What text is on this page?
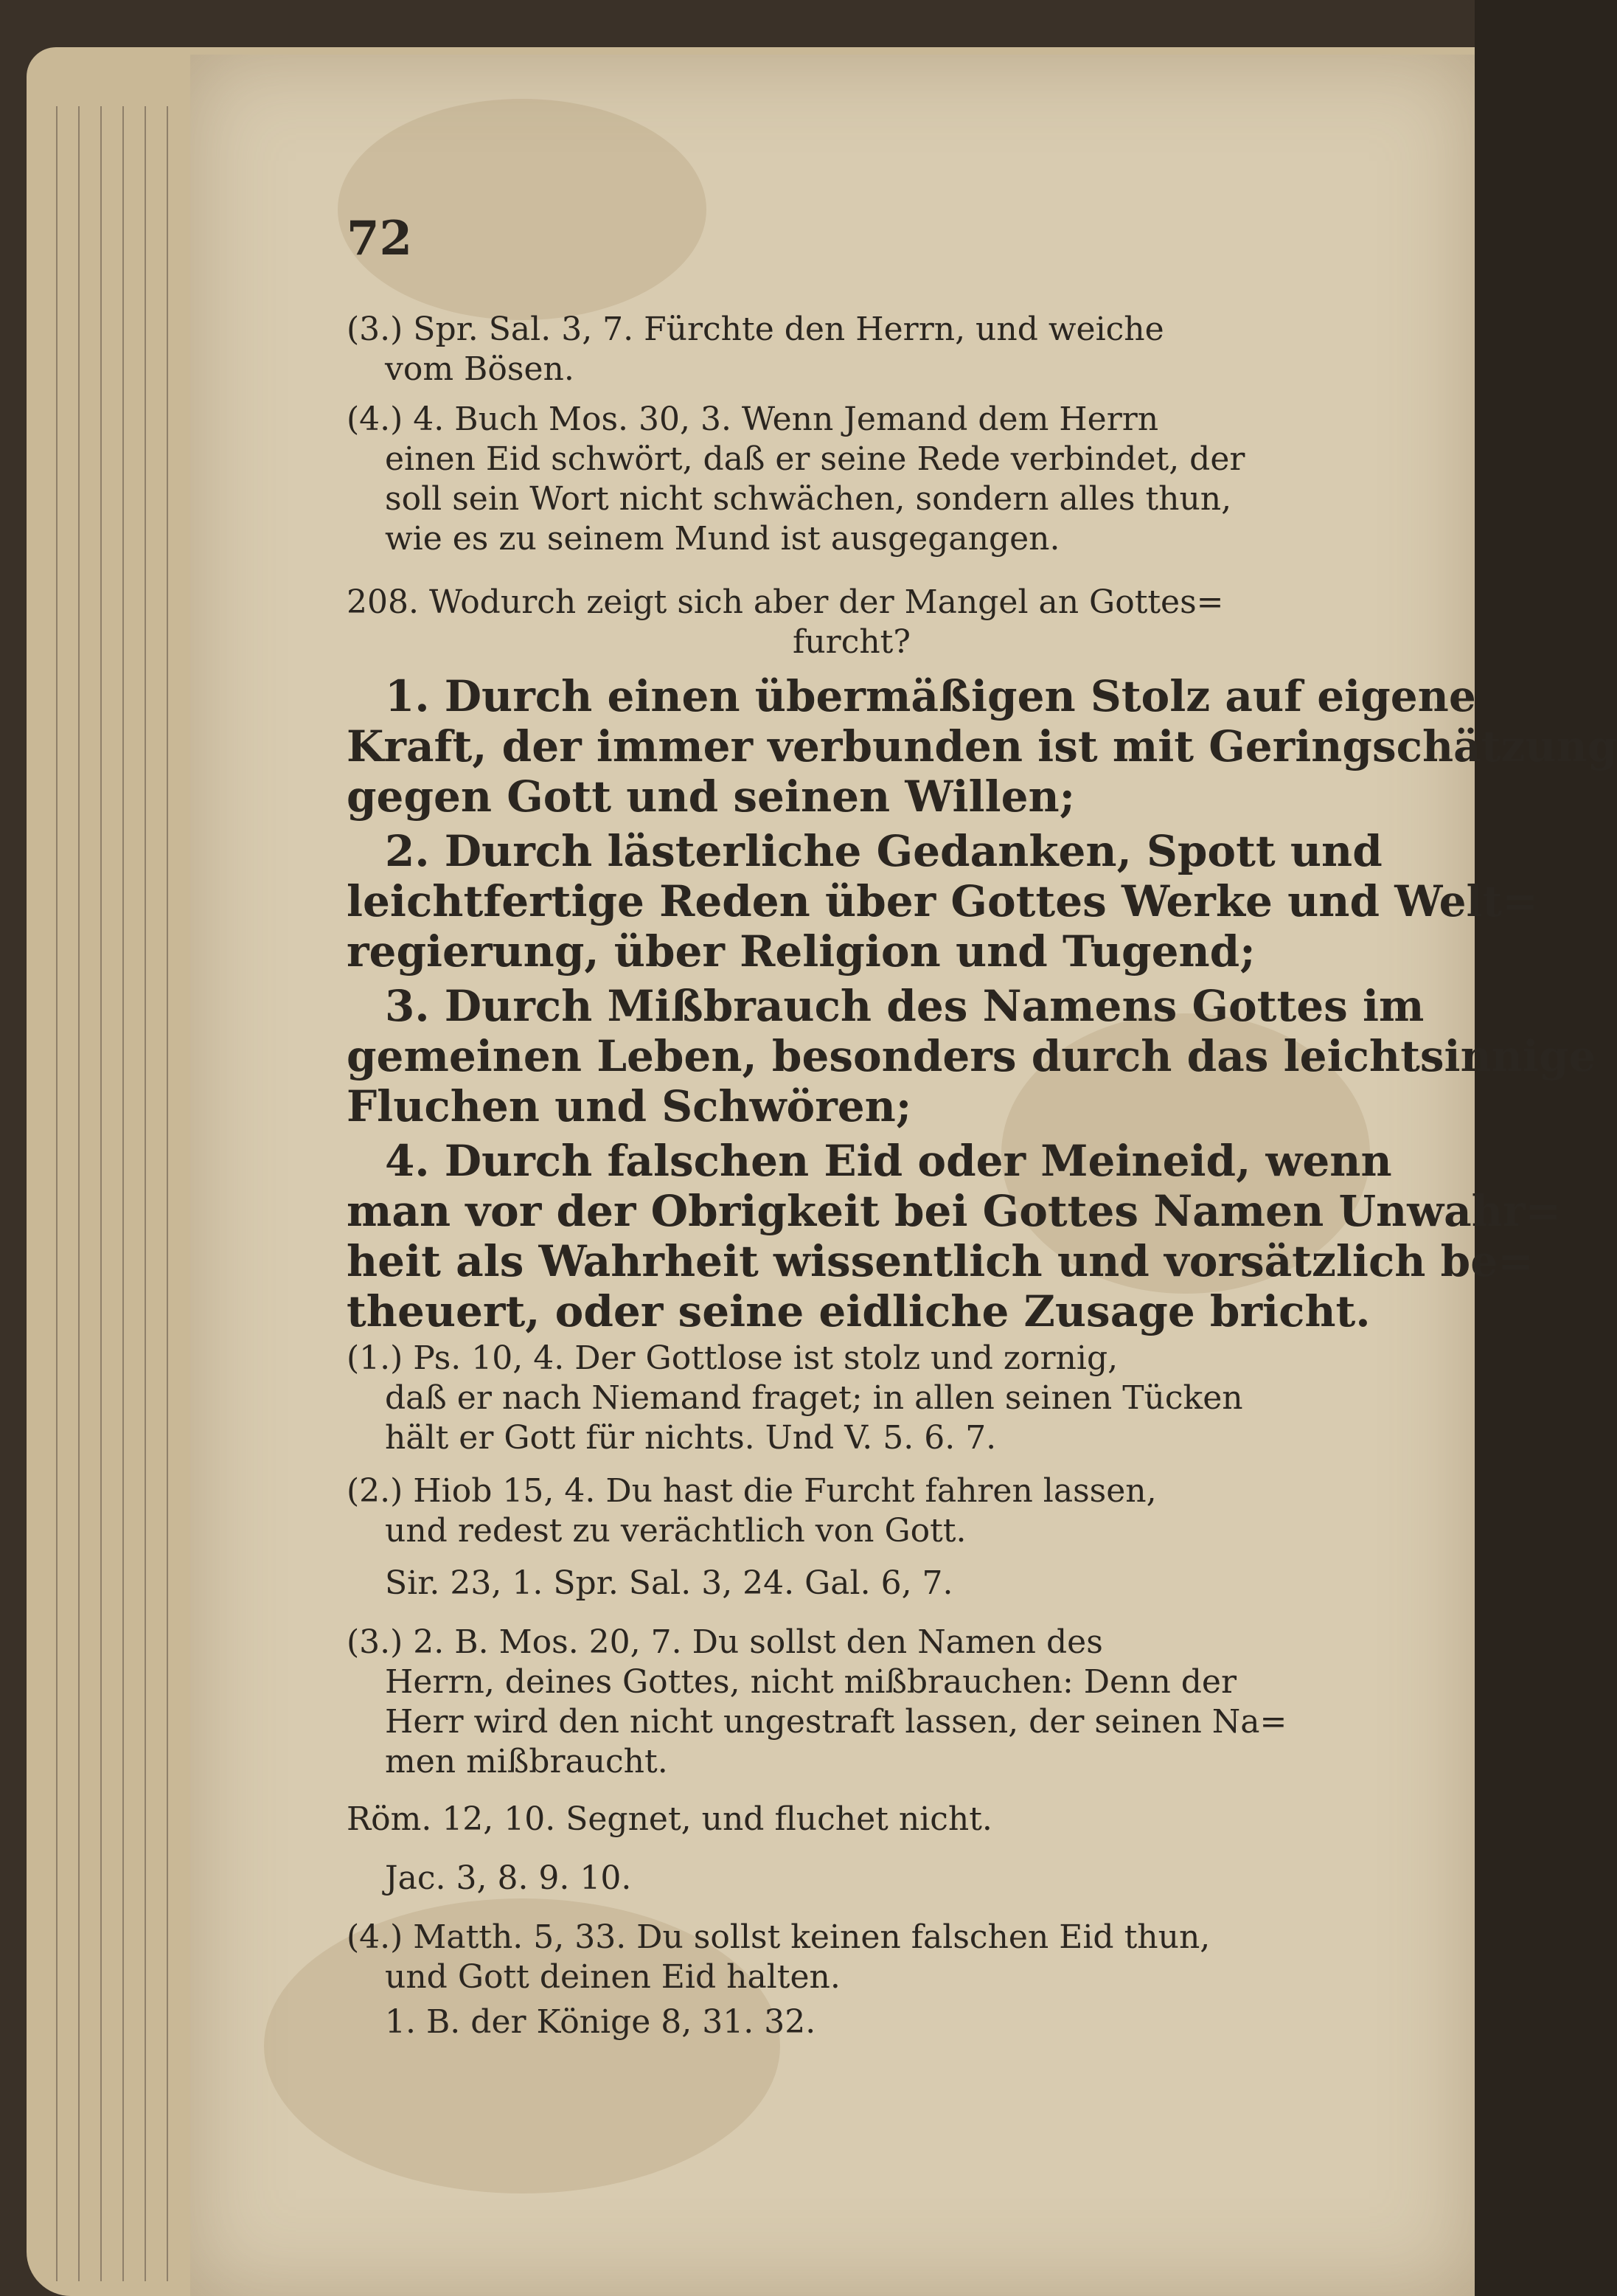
72
(3.) Spr. Sal. 3, 7. Fürchte den Herrn, und weiche
vom Bösen.
(4.) 4. Buch Mos. 30, 3. Wenn Jemand dem Herrn
einen Eid schwört, daß er seine Rede verbindet, der
soll sein Wort nicht schwächen, sondern alles thun,
wie es zu seinem Mund ist ausgegangen.
208. Wodurch zeigt sich aber der Mangel an Gottes=
furcht?
1. Durch einen übermäßigen Stolz auf eigene
Kraft, der immer verbunden ist mit Geringschätzung
gegen Gott und seinen Willen;
2. Durch lästerliche Gedanken, Spott und
leichtfertige Reden über Gottes Werke und Welt=
regierung, über Religion und Tugend;
3. Durch Mißbrauch des Namens Gottes im
gemeinen Leben, besonders durch das leichtsinnige
Fluchen und Schwören;
4. Durch falschen Eid oder Meineid, wenn
man vor der Obrigkeit bei Gottes Namen Unwahr=
heit als Wahrheit wissentlich und vorsätzlich be=
theuert, oder seine eidliche Zusage bricht.
(1.) Ps. 10, 4. Der Gottlose ist stolz und zornig,
daß er nach Niemand fraget; in allen seinen Tücken
hält er Gott für nichts. Und V. 5. 6. 7.
(2.) Hiob 15, 4. Du hast die Furcht fahren lassen,
und redest zu verächtlich von Gott.
Sir. 23, 1. Spr. Sal. 3, 24. Gal. 6, 7.
(3.) 2. B. Mos. 20, 7. Du sollst den Namen des
Herrn, deines Gottes, nicht mißbrauchen: Denn der
Herr wird den nicht ungestraft lassen, der seinen Na=
men mißbraucht.
Röm. 12, 10. Segnet, und fluchet nicht.
Jac. 3, 8. 9. 10.
(4.) Matth. 5, 33. Du sollst keinen falschen Eid thun,
und Gott deinen Eid halten.
1. B. der Könige 8, 31. 32.
